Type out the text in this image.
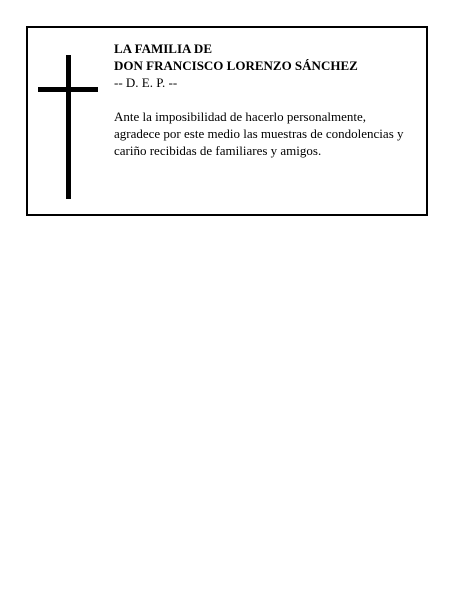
LA FAMILIA DE
DON FRANCISCO LORENZO SÁNCHEZ
-- D. E. P. --
Ante la imposibilidad de hacerlo personalmente,
agradece por este medio las muestras de condolencias y
cariño recibidas de familiares y amigos.
